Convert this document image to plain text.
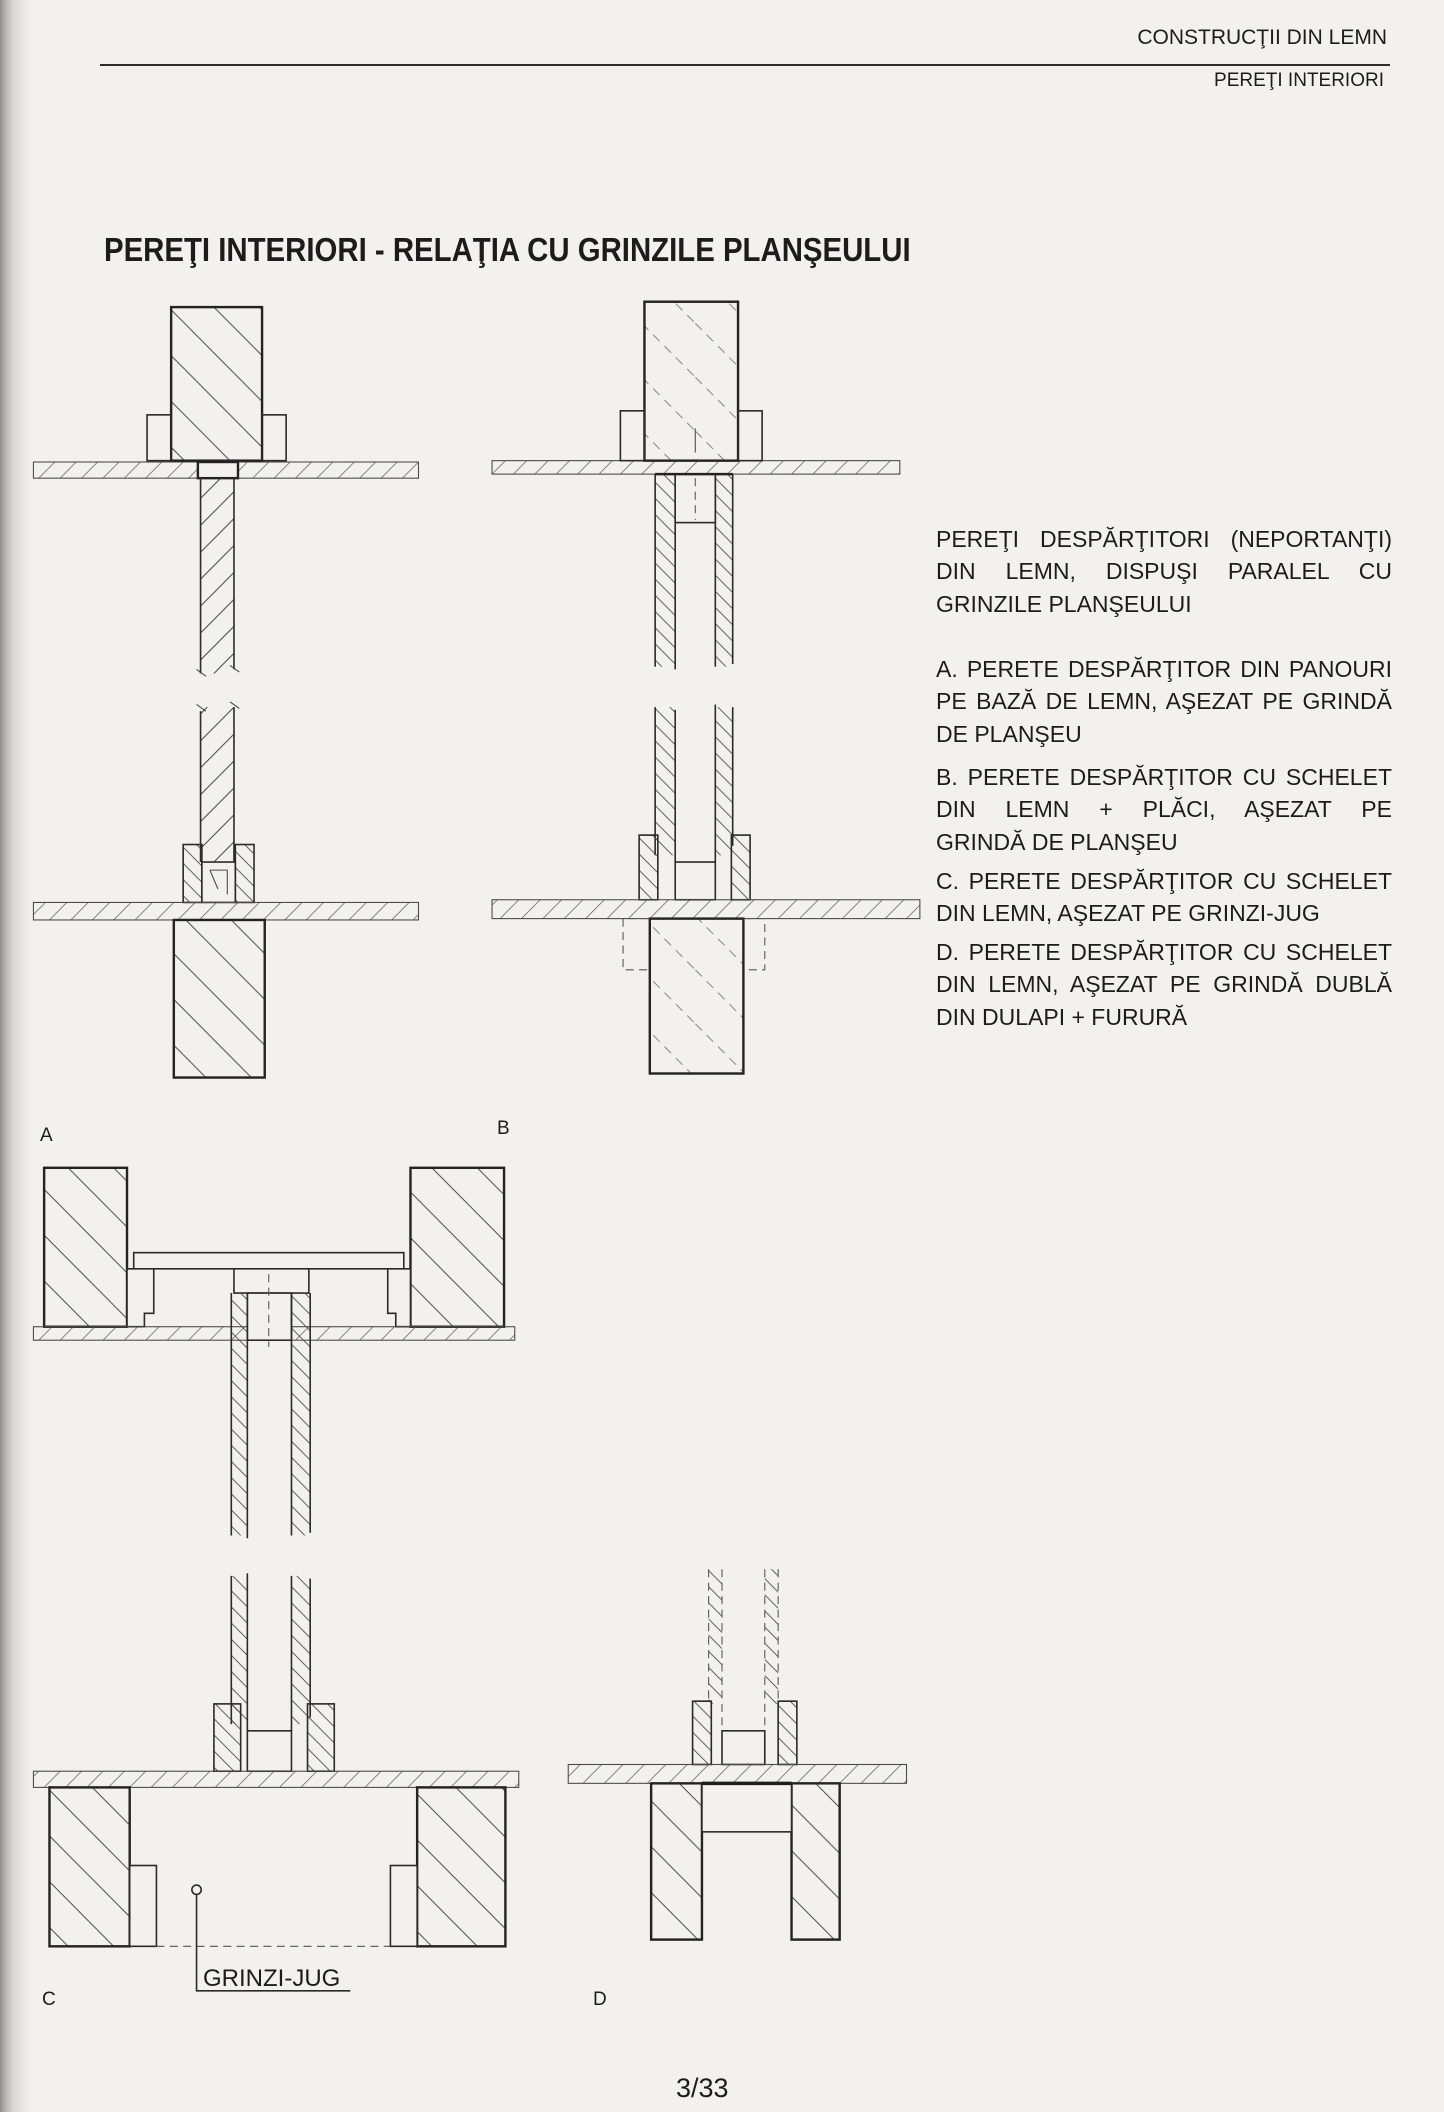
CONSTRUCŢII DIN LEMN
PEREŢI INTERIORI
PEREŢI INTERIORI - RELAŢIA CU GRINZILE PLANŞEULUI
PEREŢI DESPĂRŢITORI (NEPORTANŢI)
DIN LEMN, DISPUŞI PARALEL CU
GRINZILE PLANŞEULUI
A. PERETE DESPĂRŢITOR DIN PANOURI
PE BAZĂ DE LEMN, AŞEZAT PE GRINDĂ
DE PLANŞEU
B. PERETE DESPĂRŢITOR CU SCHELET
DIN LEMN + PLĂCI, AŞEZAT PE
GRINDĂ DE PLANŞEU
C. PERETE DESPĂRŢITOR CU SCHELET
DIN LEMN, AŞEZAT PE GRINZI-JUG
D. PERETE DESPĂRŢITOR CU SCHELET
DIN LEMN, AŞEZAT PE GRINDĂ DUBLĂ
DIN DULAPI + FURURĂ
A	B
C	D
GRINZI-JUG
3/33
